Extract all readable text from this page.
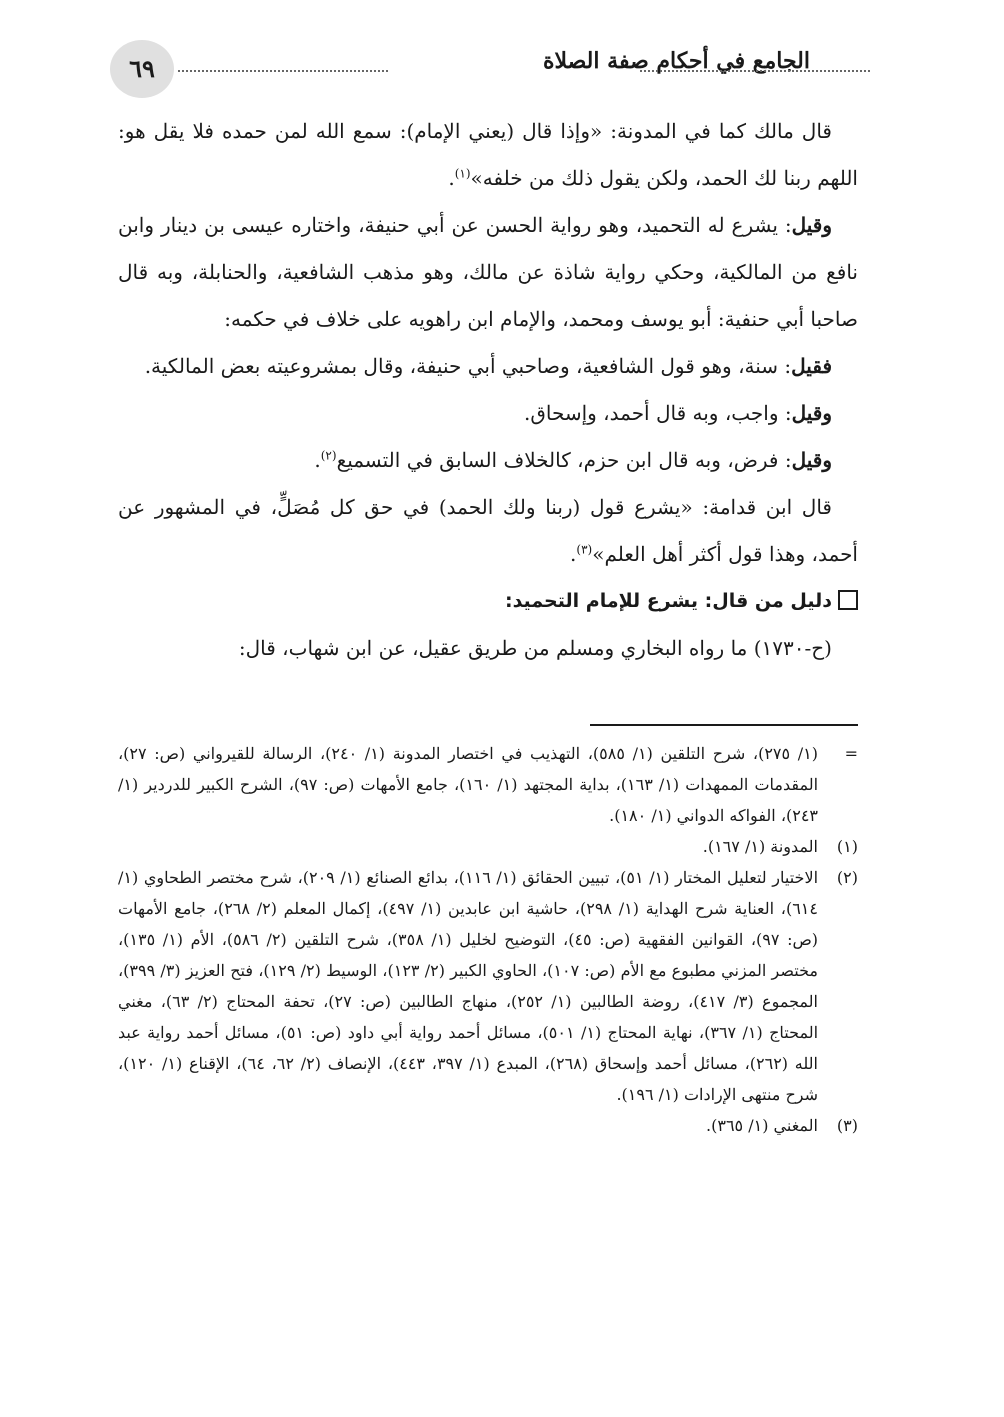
٦٩	الجامع في أحكام صفة الصلاة

قال مالك كما في المدونة: «وإذا قال (يعني الإمام): سمع الله لمن حمده فلا يقل هو: اللهم ربنا لك الحمد، ولكن يقول ذلك من خلفه»$^{(١)}$.

وقيل: يشرع له التحميد، وهو رواية الحسن عن أبي حنيفة، واختاره عيسى بن دينار وابن نافع من المالكية، وحكي رواية شاذة عن مالك، وهو مذهب الشافعية، والحنابلة، وبه قال صاحبا أبي حنفية: أبو يوسف ومحمد، والإمام ابن راهويه على خلاف في حكمه:

فقيل: سنة، وهو قول الشافعية، وصاحبي أبي حنيفة، وقال بمشروعيته بعض المالكية.

وقيل: واجب، وبه قال أحمد، وإسحاق.

وقيل: فرض، وبه قال ابن حزم، كالخلاف السابق في التسميع$^{(٢)}$.

قال ابن قدامة: «يشرع قول (ربنا ولك الحمد) في حق كل مُصَلٍّ، في المشهور عن أحمد، وهذا قول أكثر أهل العلم»$^{(٣)}$.

دليل من قال: يشرع للإمام التحميد:

(ح-١٧٣٠) ما رواه البخاري ومسلم من طريق عقيل، عن ابن شهاب، قال:

=
(١/ ٢٧٥)، شرح التلقين (١/ ٥٨٥)، التهذيب في اختصار المدونة (١/ ٢٤٠)، الرسالة للقيرواني (ص: ٢٧)، المقدمات الممهدات (١/ ١٦٣)، بداية المجتهد (١/ ١٦٠)، جامع الأمهات (ص: ٩٧)، الشرح الكبير للدردير (١/ ٢٤٣)، الفواكه الدواني (١/ ١٨٠).
(١)
المدونة (١/ ١٦٧).
(٢)
الاختيار لتعليل المختار (١/ ٥١)، تبيين الحقائق (١/ ١١٦)، بدائع الصنائع (١/ ٢٠٩)، شرح مختصر الطحاوي (١/ ٦١٤)، العناية شرح الهداية (١/ ٢٩٨)، حاشية ابن عابدين (١/ ٤٩٧)، إكمال المعلم (٢/ ٢٦٨)، جامع الأمهات (ص: ٩٧)، القوانين الفقهية (ص: ٤٥)، التوضيح لخليل (١/ ٣٥٨)، شرح التلقين (٢/ ٥٨٦)، الأم (١/ ١٣٥)، مختصر المزني مطبوع مع الأم (ص: ١٠٧)، الحاوي الكبير (٢/ ١٢٣)، الوسيط (٢/ ١٢٩)، فتح العزيز (٣/ ٣٩٩)، المجموع (٣/ ٤١٧)، روضة الطالبين (١/ ٢٥٢)، منهاج الطالبين (ص: ٢٧)، تحفة المحتاج (٢/ ٦٣)، مغني المحتاج (١/ ٣٦٧)، نهاية المحتاج (١/ ٥٠١)، مسائل أحمد رواية أبي داود (ص: ٥١)، مسائل أحمد رواية عبد الله (٢٦٢)، مسائل أحمد وإسحاق (٢٦٨)، المبدع (١/ ٣٩٧، ٤٤٣)، الإنصاف (٢/ ٦٢، ٦٤)، الإقناع (١/ ١٢٠)، شرح منتهى الإرادات (١/ ١٩٦).
(٣)
المغني (١/ ٣٦٥).
